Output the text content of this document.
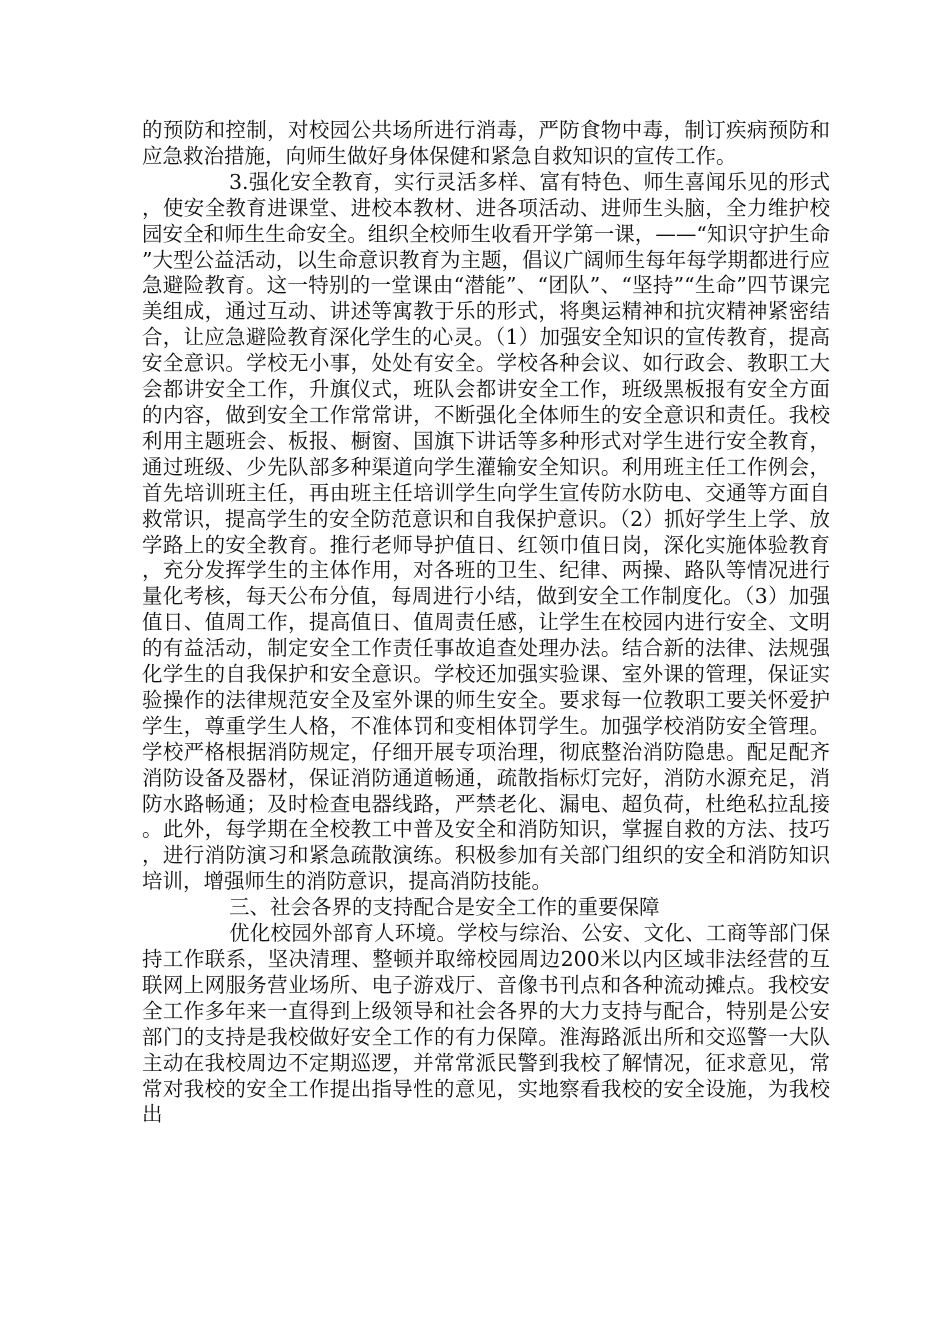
的预防和控制，对校园公共场所进行消毒，严防食物中毒，制订疾病预防和应急救治措施，向师生做好身体保健和紧急自救知识的宣传工作。

3.强化安全教育，实行灵活多样、富有特色、师生喜闻乐见的形式，使安全教育进课堂、进校本教材、进各项活动、进师生头脑，全力维护校园安全和师生生命安全。组织全校师生收看开学第一课，——“知识守护生命”大型公益活动，以生命意识教育为主题，倡议广阔师生每年每学期都进行应急避险教育。这一特别的一堂课由“潜能”、“团队”、“坚持”“生命”四节课完美组成，通过互动、讲述等寓教于乐的形式，将奥运精神和抗灾精神紧密结合，让应急避险教育深化学生的心灵。（1）加强安全知识的宣传教育，提高安全意识。学校无小事，处处有安全。学校各种会议、如行政会、教职工大会都讲安全工作，升旗仪式，班队会都讲安全工作，班级黑板报有安全方面的内容，做到安全工作常常讲，不断强化全体师生的安全意识和责任。我校利用主题班会、板报、橱窗、国旗下讲话等多种形式对学生进行安全教育，通过班级、少先队部多种渠道向学生灌输安全知识。利用班主任工作例会，首先培训班主任，再由班主任培训学生向学生宣传防水防电、交通等方面自救常识，提高学生的安全防范意识和自我保护意识。（2）抓好学生上学、放学路上的安全教育。推行老师导护值日、红领巾值日岗，深化实施体验教育，充分发挥学生的主体作用，对各班的卫生、纪律、两操、路队等情况进行量化考核，每天公布分值，每周进行小结，做到安全工作制度化。（3）加强值日、值周工作，提高值日、值周责任感，让学生在校园内进行安全、文明的有益活动，制定安全工作责任事故追查处理办法。结合新的法律、法规强化学生的自我保护和安全意识。学校还加强实验课、室外课的管理，保证实验操作的法律规范安全及室外课的师生安全。要求每一位教职工要关怀爱护学生，尊重学生人格，不准体罚和变相体罚学生。加强学校消防安全管理。学校严格根据消防规定，仔细开展专项治理，彻底整治消防隐患。配足配齐消防设备及器材，保证消防通道畅通，疏散指标灯完好，消防水源充足，消防水路畅通；及时检查电器线路，严禁老化、漏电、超负荷，杜绝私拉乱接。此外，每学期在全校教工中普及安全和消防知识，掌握自救的方法、技巧，进行消防演习和紧急疏散演练。积极参加有关部门组织的安全和消防知识培训，增强师生的消防意识，提高消防技能。

三、社会各界的支持配合是安全工作的重要保障

优化校园外部育人环境。学校与综治、公安、文化、工商等部门保持工作联系，坚决清理、整顿并取缔校园周边200米以内区域非法经营的互联网上网服务营业场所、电子游戏厅、音像书刊点和各种流动摊点。我校安全工作多年来一直得到上级领导和社会各界的大力支持与配合，特别是公安部门的支持是我校做好安全工作的有力保障。淮海路派出所和交巡警一大队主动在我校周边不定期巡逻，并常常派民警到我校了解情况，征求意见，常常对我校的安全工作提出指导性的意见，实地察看我校的安全设施，为我校出
